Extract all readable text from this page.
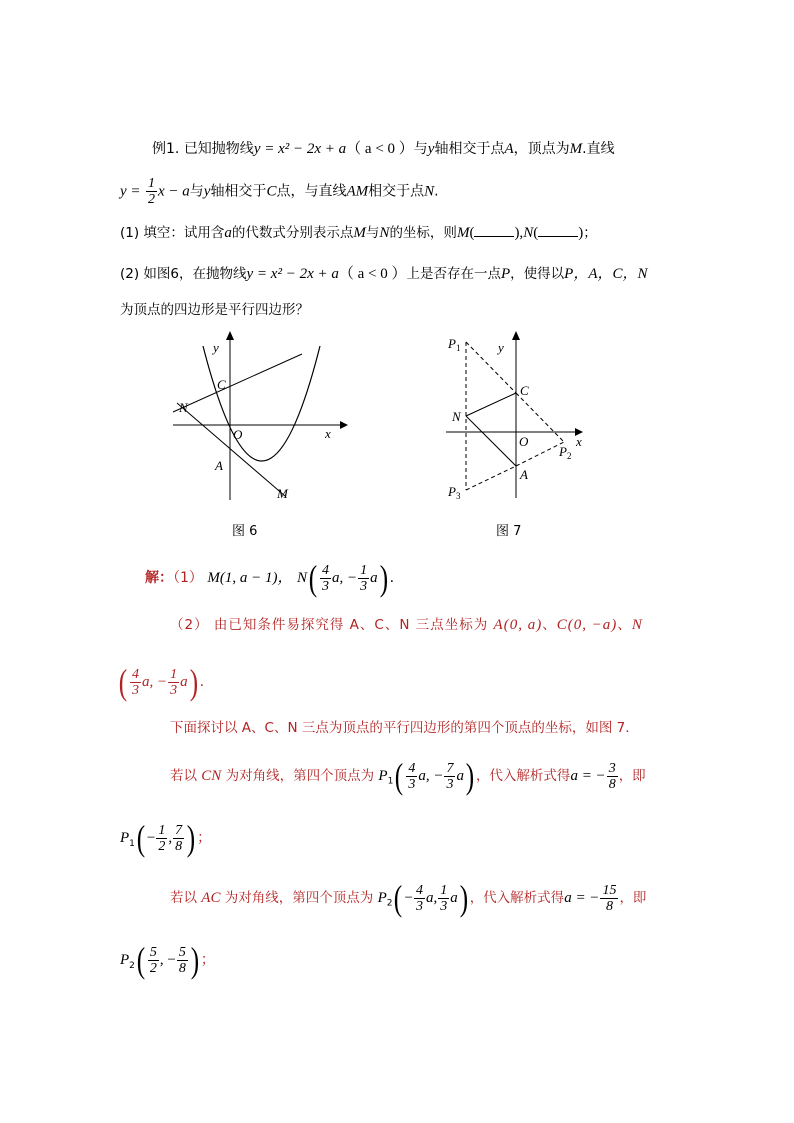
例1. 已知抛物线y = x² − 2x + a（ a < 0 ）与y轴相交于点A，顶点为M.直线
$y = \frac{1}{2}$ x − a与y轴相交于C点，与直线AM相交于点N.
(1) 填空：试用含a的代数式分别表示点M与N的坐标，则M(	),N(	)；
(2) 如图6，在抛物线y = x² − 2x + a（ a < 0 ）上是否存在一点P，使得以P，A，C，N
为顶点的四边形是平行四边形？
y
x
O
C
N
A
M
图 6
y
x
O
C
N
A
$P_1$
$P_2$
$P_3$
图 7
解：（1） M(1, a − 1)， $N( \frac{4}{3} a$, − $\frac{1}{3} a$) .
（2） 由已知条件易探究得 A、C、N 三点坐标为 A(0, a)、C(0, −a)、N
( $\frac{4}{3} a$, − $\frac{1}{3} a$) .
下面探讨以 A、C、N 三点为顶点的平行四边形的第四个顶点的坐标，如图 7.
若以 CN 为对角线，第四个顶点为 $P_1( \frac{4}{3} a$, − $\frac{7}{3} a$) ，代入解析式得a = − $\frac{3}{8}$ ，即
$P_1( - \frac{1}{2}$ , $\frac{7}{8}$ ) ；
若以 AC 为对角线，第四个顶点为 $P_2( - \frac{4}{3} a$, $\frac{1}{3} a$) ，代入解析式得a = − $\frac{15}{8}$ ，即
$P_2( \frac{5}{2}$ , − $\frac{5}{8}$ ) ；
